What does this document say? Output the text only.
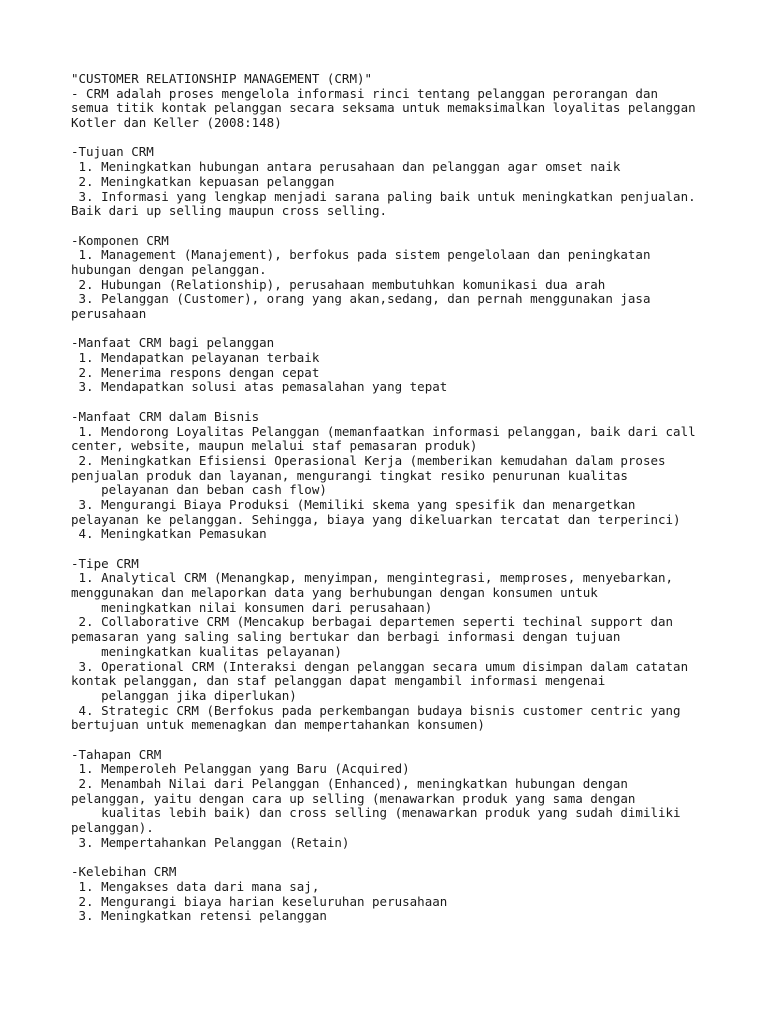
"CUSTOMER RELATIONSHIP MANAGEMENT (CRM)"
- CRM adalah proses mengelola informasi rinci tentang pelanggan perorangan dan
semua titik kontak pelanggan secara seksama untuk memaksimalkan loyalitas pelanggan
Kotler dan Keller (2008:148)
-Tujuan CRM
1. Meningkatkan hubungan antara perusahaan dan pelanggan agar omset naik
2. Meningkatkan kepuasan pelanggan
3. Informasi yang lengkap menjadi sarana paling baik untuk meningkatkan penjualan.
Baik dari up selling maupun cross selling.
-Komponen CRM
1. Management (Manajement), berfokus pada sistem pengelolaan dan peningkatan
hubungan dengan pelanggan.
2. Hubungan (Relationship), perusahaan membutuhkan komunikasi dua arah
3. Pelanggan (Customer), orang yang akan,sedang, dan pernah menggunakan jasa
perusahaan
-Manfaat CRM bagi pelanggan
1. Mendapatkan pelayanan terbaik
2. Menerima respons dengan cepat
3. Mendapatkan solusi atas pemasalahan yang tepat
-Manfaat CRM dalam Bisnis
1. Mendorong Loyalitas Pelanggan (memanfaatkan informasi pelanggan, baik dari call
center, website, maupun melalui staf pemasaran produk)
2. Meningkatkan Efisiensi Operasional Kerja (memberikan kemudahan dalam proses
penjualan produk dan layanan, mengurangi tingkat resiko penurunan kualitas
pelayanan dan beban cash flow)
3. Mengurangi Biaya Produksi (Memiliki skema yang spesifik dan menargetkan
pelayanan ke pelanggan. Sehingga, biaya yang dikeluarkan tercatat dan terperinci)
4. Meningkatkan Pemasukan
-Tipe CRM
1. Analytical CRM (Menangkap, menyimpan, mengintegrasi, memproses, menyebarkan,
menggunakan dan melaporkan data yang berhubungan dengan konsumen untuk
meningkatkan nilai konsumen dari perusahaan)
2. Collaborative CRM (Mencakup berbagai departemen seperti techinal support dan
pemasaran yang saling saling bertukar dan berbagi informasi dengan tujuan
meningkatkan kualitas pelayanan)
3. Operational CRM (Interaksi dengan pelanggan secara umum disimpan dalam catatan
kontak pelanggan, dan staf pelanggan dapat mengambil informasi mengenai
pelanggan jika diperlukan)
4. Strategic CRM (Berfokus pada perkembangan budaya bisnis customer centric yang
bertujuan untuk memenagkan dan mempertahankan konsumen)
-Tahapan CRM
1. Memperoleh Pelanggan yang Baru (Acquired)
2. Menambah Nilai dari Pelanggan (Enhanced), meningkatkan hubungan dengan
pelanggan, yaitu dengan cara up selling (menawarkan produk yang sama dengan
kualitas lebih baik) dan cross selling (menawarkan produk yang sudah dimiliki
pelanggan).
3. Mempertahankan Pelanggan (Retain)
-Kelebihan CRM
1. Mengakses data dari mana saj,
2. Mengurangi biaya harian keseluruhan perusahaan
3. Meningkatkan retensi pelanggan
